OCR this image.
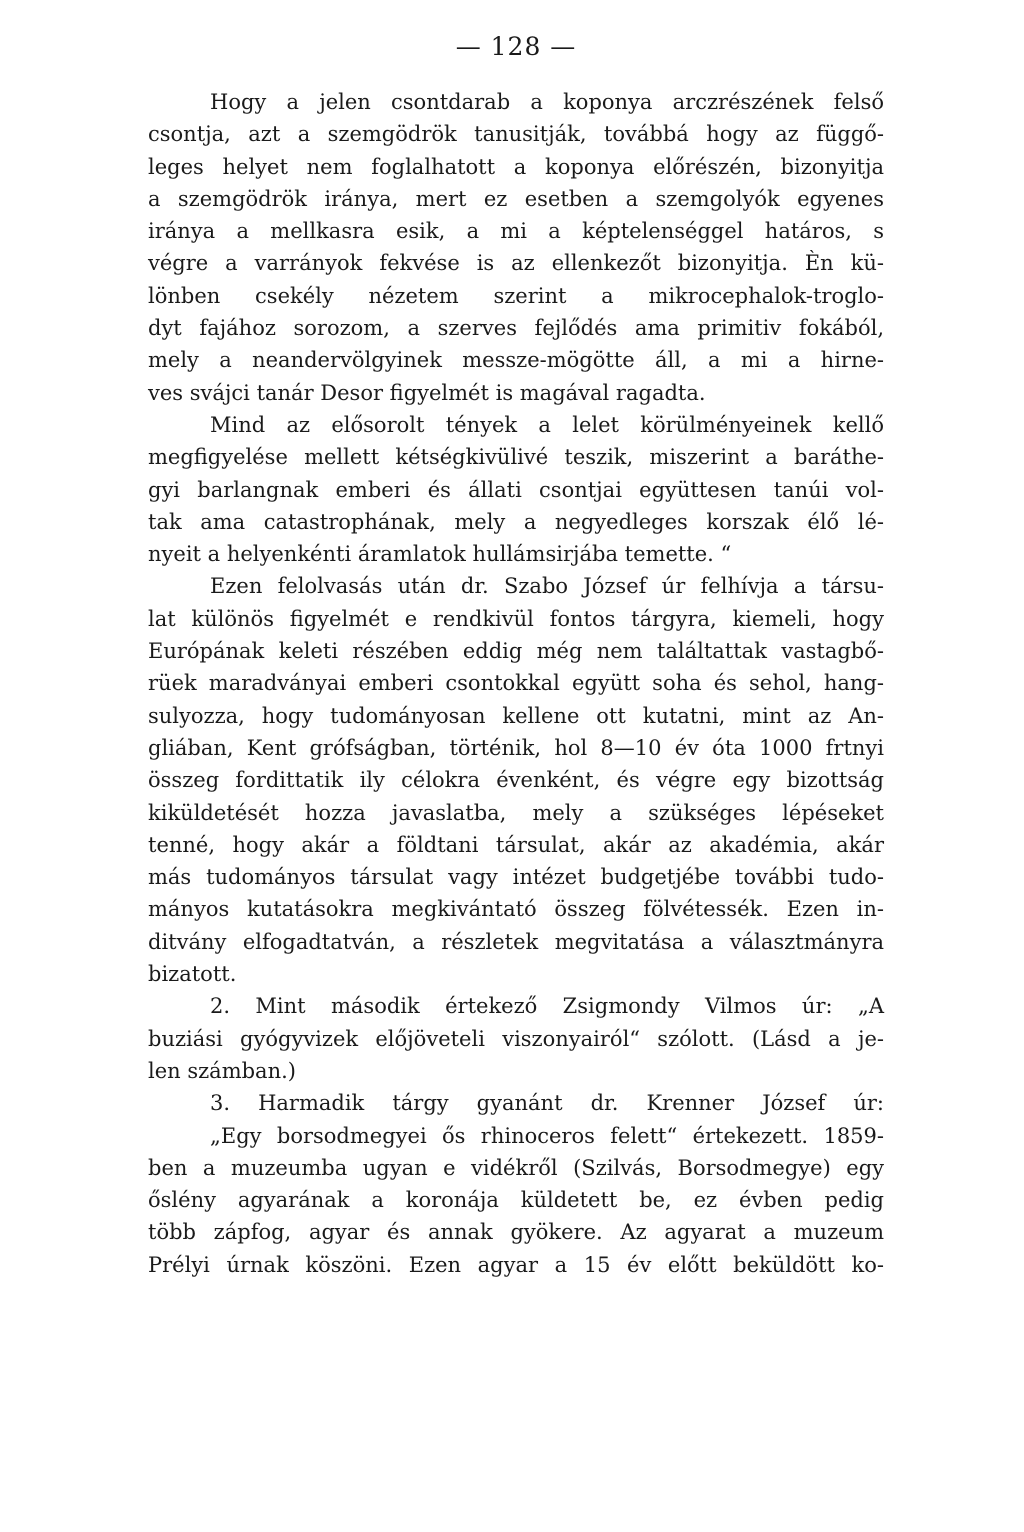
— 128 —
Hogy a jelen csontdarab a koponya arczrészének felső
csontja, azt a szemgödrök tanusitják, továbbá hogy az függő-
leges helyet nem foglalhatott a koponya előrészén, bizonyitja
a szemgödrök iránya, mert ez esetben a szemgolyók egyenes
iránya a mellkasra esik, a mi a képtelenséggel határos, s
végre a varrányok fekvése is az ellenkezőt bizonyitja. Èn kü-
lönben csekély nézetem szerint a mikrocephalok-troglo-
dyt fajához sorozom, a szerves fejlődés ama primitiv fokából,
mely a neandervölgyinek messze-mögötte áll, a mi a hirne-
ves svájci tanár Desor figyelmét is magával ragadta.
Mind az elősorolt tények a lelet körülményeinek kellő
megfigyelése mellett kétségkivülivé teszik, miszerint a baráthe-
gyi barlangnak emberi és állati csontjai együttesen tanúi vol-
tak ama catastrophának, mely a negyedleges korszak élő lé-
nyeit a helyenkénti áramlatok hullámsirjába temette. “
Ezen felolvasás után dr. Szabo József úr felhívja a társu-
lat különös figyelmét e rendkivül fontos tárgyra, kiemeli, hogy
Európának keleti részében eddig még nem találtattak vastagbő-
rüek maradványai emberi csontokkal együtt soha és sehol, hang-
sulyozza, hogy tudományosan kellene ott kutatni, mint az An-
gliában, Kent grófságban, történik, hol 8—10 év óta 1000 frtnyi
összeg fordittatik ily célokra évenként, és végre egy bizottság
kiküldetését hozza javaslatba, mely a szükséges lépéseket
tenné, hogy akár a földtani társulat, akár az akadémia, akár
más tudományos társulat vagy intézet budgetjébe további tudo-
mányos kutatásokra megkivántató összeg fölvétessék. Ezen in-
ditvány elfogadtatván, a részletek megvitatása a választmányra
bizatott.
2. Mint második értekező Zsigmondy Vilmos úr: „A
buziási gyógyvizek előjöveteli viszonyairól“ szólott. (Lásd a je-
len számban.)
3. Harmadik tárgy gyanánt dr. Krenner József úr:
„Egy borsodmegyei ős rhinoceros felett“ értekezett. 1859-
ben a muzeumba ugyan e vidékről (Szilvás, Borsodmegye) egy
őslény agyarának a koronája küldetett be, ez évben pedig
több zápfog, agyar és annak gyökere. Az agyarat a muzeum
Prélyi úrnak köszöni. Ezen agyar a 15 év előtt beküldött ko-
